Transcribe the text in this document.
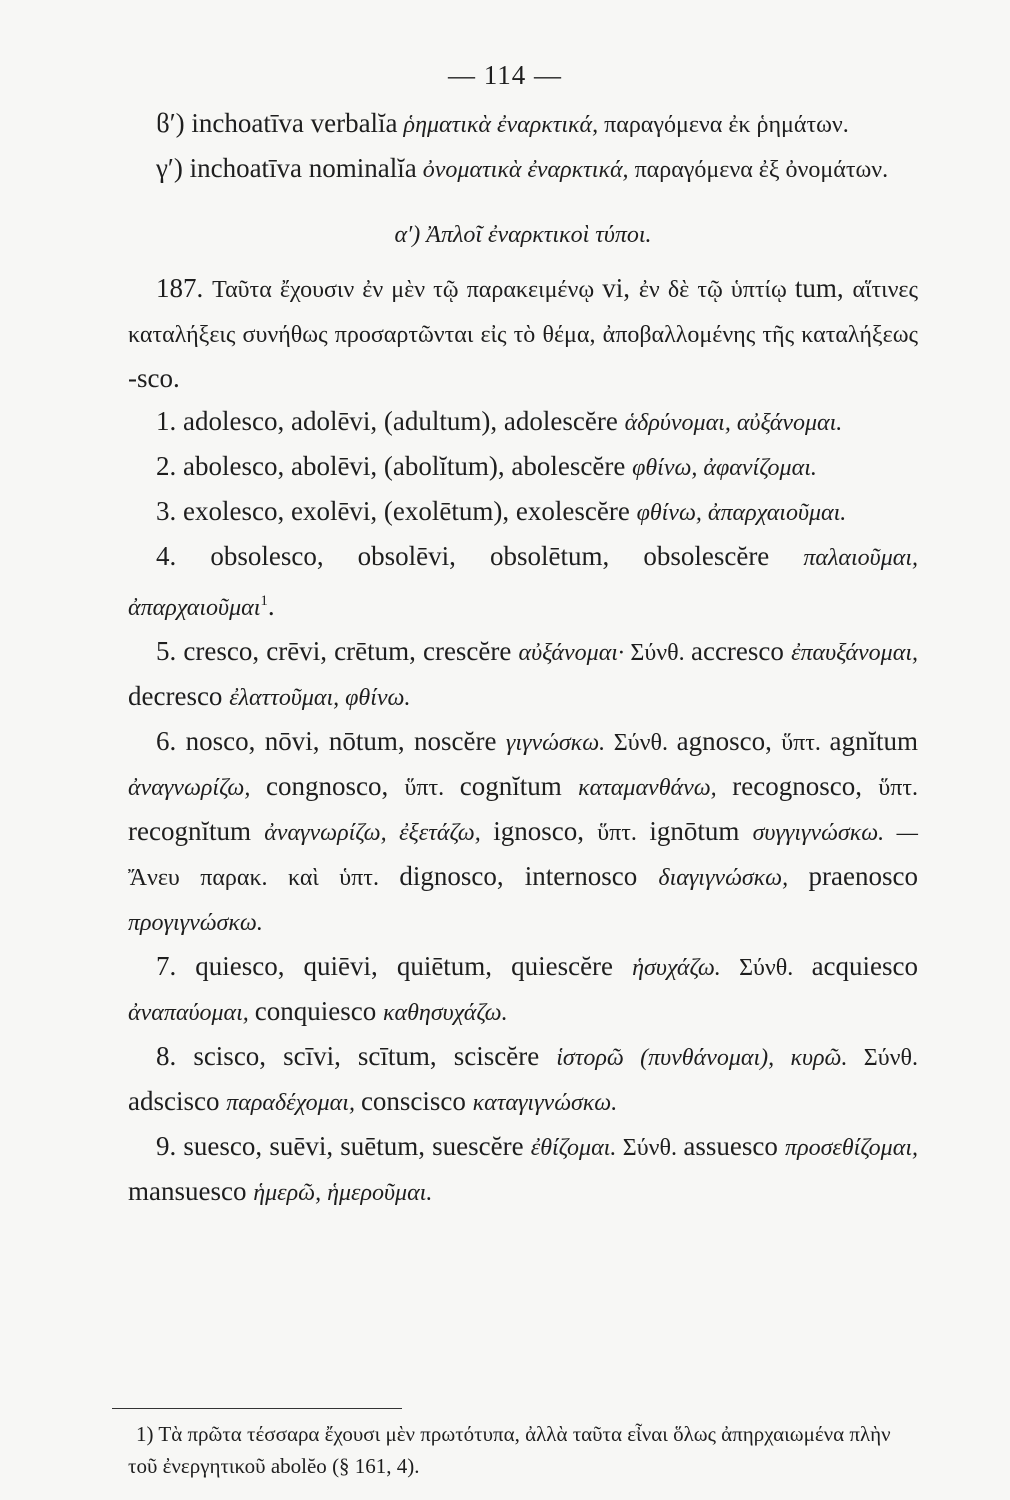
— 114 —

ϐ′) inchoatīva verbalĭa ῥηματικὰ ἐναρκτικά, παραγόμενα ἐκ ῥημάτων.

γ′) inchoatīva nominalĭa ὀνοματικὰ ἐναρκτικά, παραγόμενα ἐξ ὀνομάτων.

α′) Ἀπλοῖ ἐναρκτικοὶ τύποι.

187. Ταῦτα ἔχουσιν ἐν μὲν τῷ παρακειμένῳ vi, ἐν δὲ τῷ ὑπτίῳ tum, αἵτινες καταλήξεις συνήθως προσαρτῶνται εἰς τὸ θέμα, ἀποβαλλομένης τῆς καταλήξεως -sco.

1. adolesco, adolēvi, (adultum), adolescĕre ἁδρύνομαι, αὐξάνομαι.

2. abolesco, abolēvi, (abolĭtum), abolescĕre φθίνω, ἀφανίζομαι.

3. exolesco, exolēvi, (exolētum), exolescĕre φθίνω, ἀπαρχαιοῦμαι.

4. obsolesco, obsolēvi, obsolētum, obsolescĕre παλαιοῦμαι, ἀπαρχαιοῦμαι$^1$.

5. cresco, crēvi, crētum, crescĕre αὐξάνομαι· Σύνθ. accresco ἐπαυξάνομαι, decresco ἐλαττοῦμαι, φθίνω.

6. nosco, nōvi, nōtum, noscĕre γιγνώσκω. Σύνθ. agnosco, ὕπτ. agnĭtum ἀναγνωρίζω, congnosco, ὕπτ. cognĭtum καταμανθάνω, recognosco, ὕπτ. recognĭtum ἀναγνωρίζω, ἐξετάζω, ignosco, ὕπτ. ignōtum συγγιγνώσκω. — Ἄνευ παρακ. καὶ ὑπτ. dignosco, internosco διαγιγνώσκω, praenosco προγιγνώσκω.

7. quiesco, quiēvi, quiētum, quiescĕre ἡσυχάζω. Σύνθ. acquiesco ἀναπαύομαι, conquiesco καθησυχάζω.

8. scisco, scīvi, scītum, sciscĕre ἱστορῶ (πυνθάνομαι), κυρῶ. Σύνθ. adscisco παραδέχομαι, conscisco καταγιγνώσκω.

9. suesco, suēvi, suētum, suescĕre ἐθίζομαι. Σύνθ. assuesco προσεθίζομαι, mansuesco ἡμερῶ, ἡμεροῦμαι.

1) Τὰ πρῶτα τέσσαρα ἔχουσι μὲν πρωτότυπα, ἀλλὰ ταῦτα εἶναι ὅλως ἀπηρχαιωμένα πλὴν τοῦ ἐνεργητικοῦ abolĕo (§ 161, 4).
